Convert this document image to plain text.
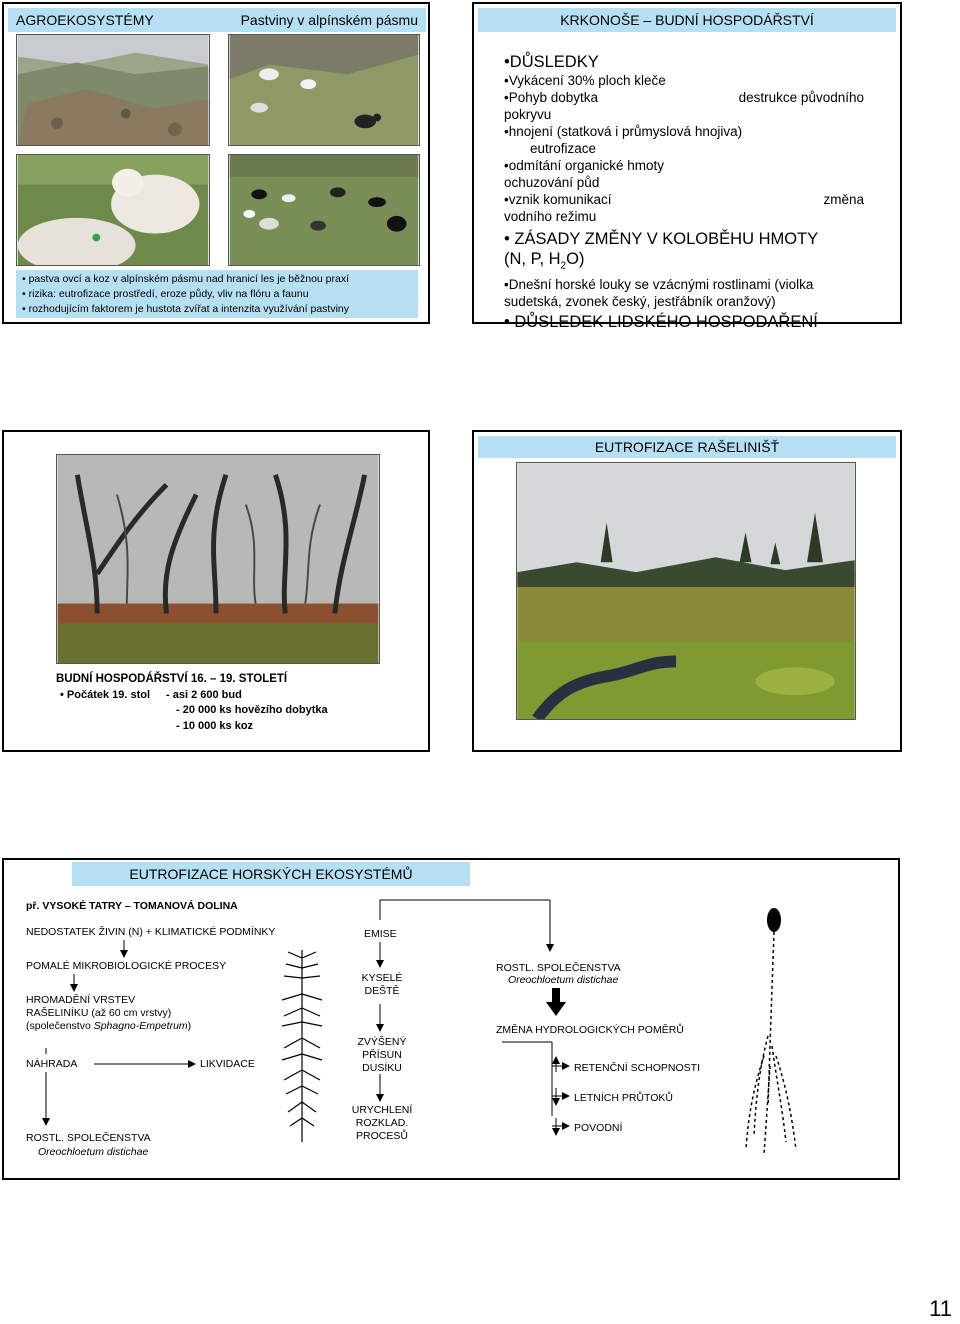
AGROEKOSYSTÉMY	Pastviny v alpínském pásmu
• pastva ovcí a koz v alpínském pásmu nad hranicí les je běžnou praxí
• rizika: eutrofizace prostředí, eroze půdy, vliv na flóru a faunu
• rozhodujícím faktorem je hustota zvířat a intenzita využívání pastviny
KRKONOŠE – BUDNÍ HOSPODÁŘSTVÍ
•DŮSLEDKY
•Vykácení 30% ploch kleče
•Pohyb dobytka	destrukce původního
pokryvu
•hnojení (statková i průmyslová hnojiva)
eutrofizace
•odmítání organické hmoty
ochuzování půd
•vznik komunikací	změna
vodního režimu
• ZÁSADY ZMĚNY V KOLOBĚHU HMOTY
(N, P, $H_2O$)
•Dnešní horské louky se vzácnými rostlinami (violka sudetská, zvonek český, jestřábník oranžový)
• DŮSLEDEK LIDSKÉHO HOSPODAŘENÍ
BUDNÍ HOSPODÁŘSTVÍ 16. – 19. STOLETÍ
• Počátek 19. stol	- asi 2 600 bud
- 20 000 ks hovězího dobytka
- 10 000 ks koz
EUTROFIZACE RAŠELINIŠŤ
EUTROFIZACE HORSKÝCH EKOSYSTÉMŮ
př. VYSOKÉ TATRY – TOMANOVÁ DOLINA
NEDOSTATEK ŽIVIN (N) + KLIMATICKÉ PODMÍNKY	EMISE
POMALÉ MIKROBIOLOGICKÉ PROCESY
HROMADĚNÍ VRSTEV
RAŠELINÍKU (až 60 cm vrstvy)
(společenstvo Sphagno-Empetrum)
NÁHRADA	LIKVIDACE
ROSTL. SPOLEČENSTVA
Oreochloetum distichae
KYSELÉ
DEŠTĚ
ZVÝŠENÝ
PŘÍSUN
DUSÍKU
URYCHLENÍ
ROZKLAD.
PROCESŮ
ROSTL. SPOLEČENSTVA
Oreochloetum distichae
ZMĚNA HYDROLOGICKÝCH POMĚRŮ
RETENČNÍ SCHOPNOSTI
LETNÍCH PRŮTOKŮ
POVODNÍ
11
